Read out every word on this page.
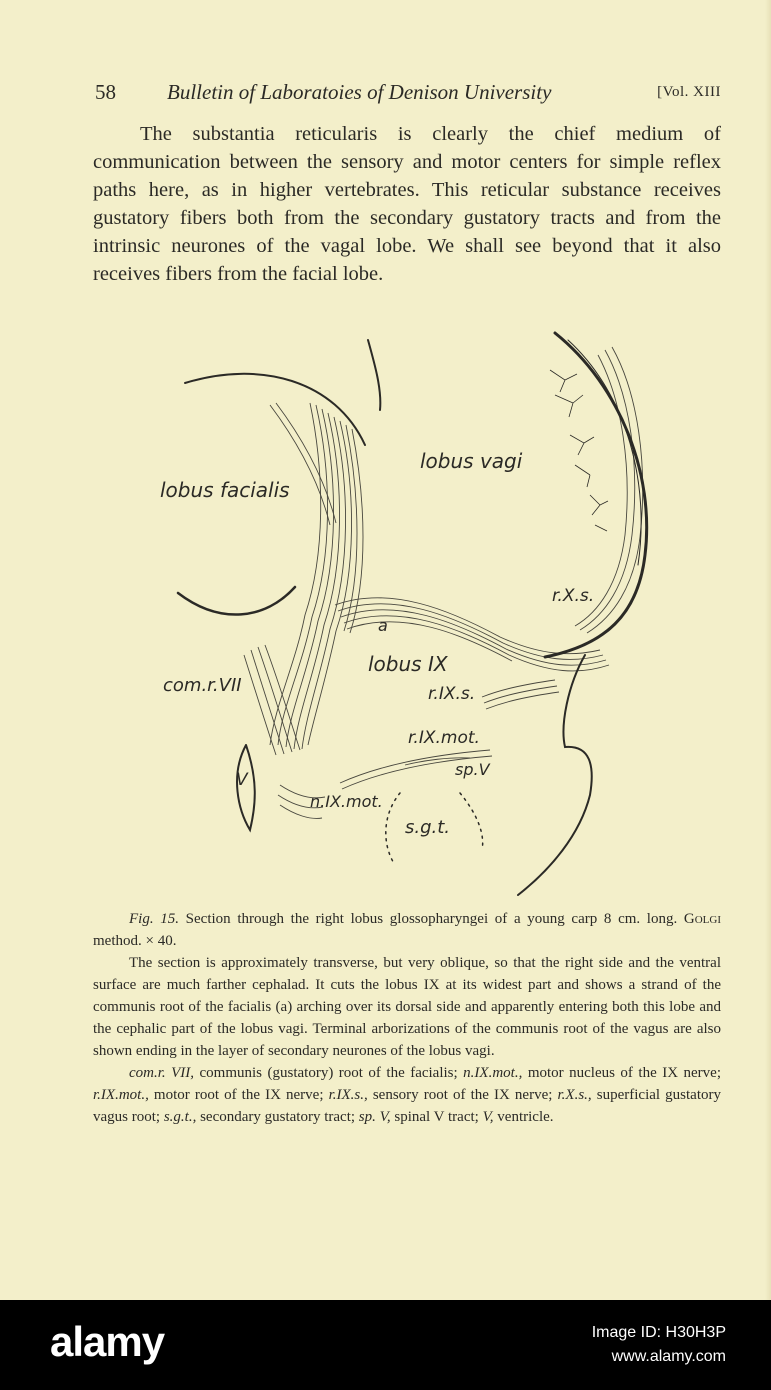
58 Bulletin of Laboratoies of Denison University	[Vol. XIII

The substantia reticularis is clearly the chief medium of communication between the sensory and motor centers for simple reflex paths here, as in higher vertebrates. This reticular substance receives gustatory fibers both from the secondary gustatory tracts and from the intrinsic neurones of the vagal lobe. We shall see beyond that it also receives fibers from the facial lobe.

lobus vagi
lobus facialis
r.X.s.
a
lobus IX
com.r.VII	r.IX.s.
r.IX.mot.
V
sp.V
n.IX.mot.
s.g.t.

Fig. 15. Section through the right lobus glossopharyngei of a young carp 8 cm. long. Golgi method. × 40.

The section is approximately transverse, but very oblique, so that the right side and the ventral surface are much farther cephalad. It cuts the lobus IX at its widest part and shows a strand of the communis root of the facialis (a) arching over its dorsal side and apparently entering both this lobe and the cephalic part of the lobus vagi. Terminal arborizations of the communis root of the vagus are also shown ending in the layer of secondary neurones of the lobus vagi.

com.r. VII, communis (gustatory) root of the facialis; n.IX.mot., motor nucleus of the IX nerve; r.IX.mot., motor root of the IX nerve; r.IX.s., sensory root of the IX nerve; r.X.s., superficial gustatory vagus root; s.g.t., secondary gustatory tract; sp. V, spinal V tract; V, ventricle.

alamy	Image ID: H30H3P
www.alamy.com
